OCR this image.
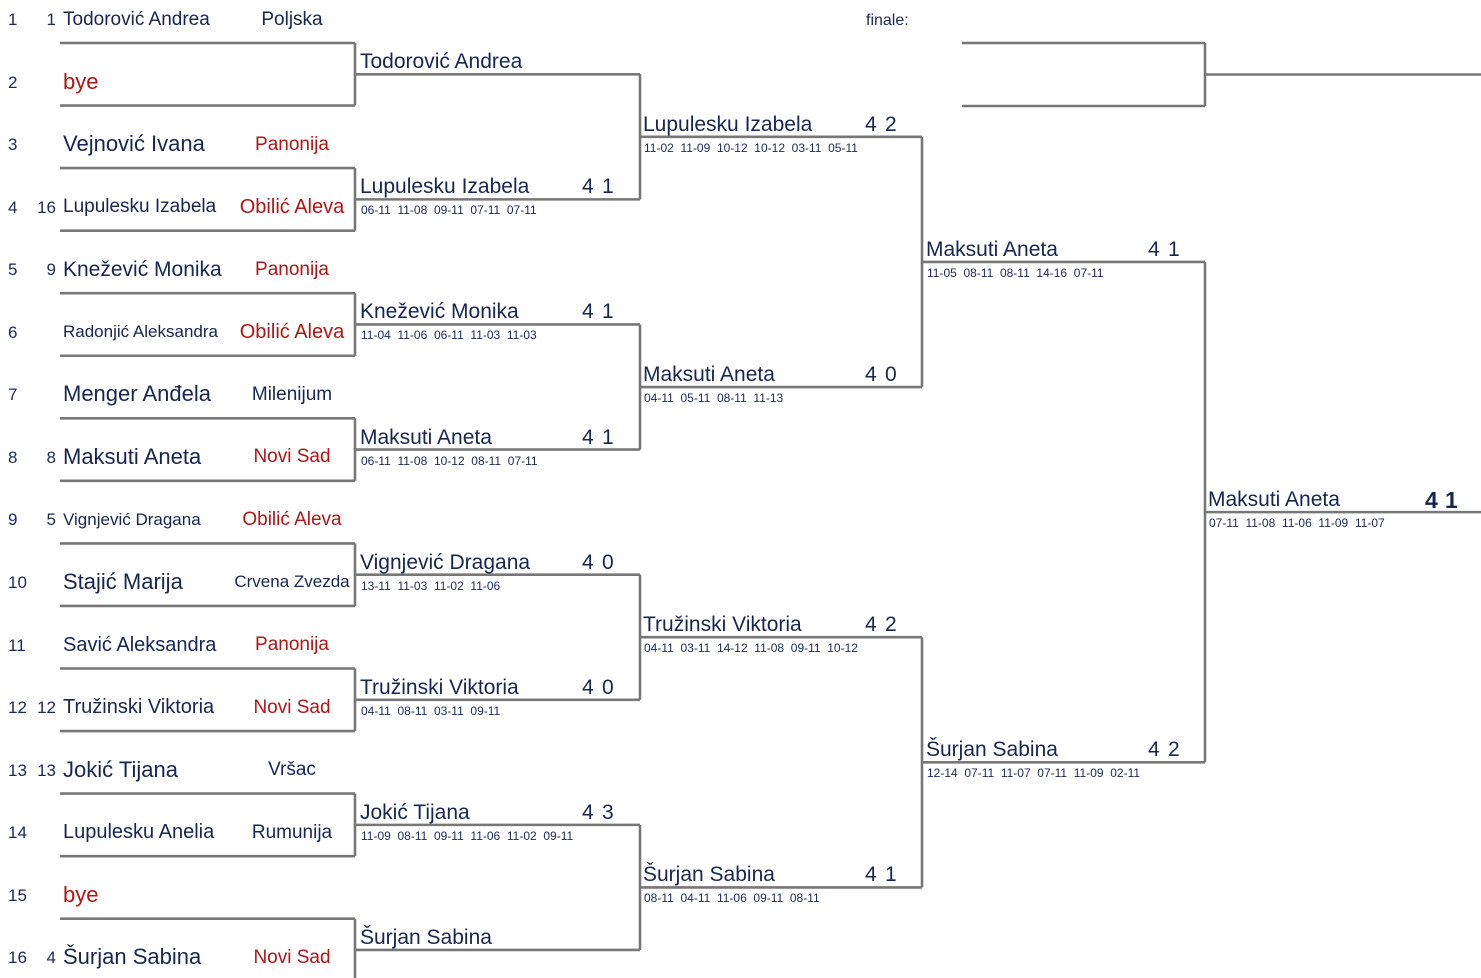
finale:
1 1 Todorović Andrea	Poljska
2 bye
3 Vejnović Ivana	Panonija
4 16 Lupulesku Izabela Obilić Aleva
5 9 Knežević Monika Panonija
6	Radonjić Aleksandra Obilić Aleva
7 Menger Anđela Milenijum
8 8 Maksuti Aneta	Novi Sad
9 5 Vignjević Dragana Obilić Aleva
10 Stajić Marija	Crvena Zvezda
11 Savić Aleksandra Panonija
12 12 Tružinski Viktoria Novi Sad
13 13 Jokić Tijana	Vršac
14 Lupulesku Anelia Rumunija
15 bye
16 4 Šurjan Sabina	Novi Sad
Todorović Andrea
Lupulesku Izabela	4 1
06-11  11-08  09-11  07-11  07-11
Knežević Monika	4 1
11-04  11-06  06-11  11-03  11-03
Maksuti Aneta	4 1
06-11  11-08  10-12  08-11  07-11
Vignjević Dragana 4 0
13-11  11-03  11-02  11-06
Tružinski Viktoria	4 0
04-11  08-11  03-11  09-11
Jokić Tijana	4 3
11-09  08-11  09-11  11-06  11-02  09-11
Šurjan Sabina
Lupulesku Izabela	4 2
11-02  11-09  10-12  10-12  03-11  05-11
Maksuti Aneta	4 0
04-11  05-11  08-11  11-13
Tružinski Viktoria	4 2
04-11  03-11  14-12  11-08  09-11  10-12
Šurjan Sabina	4 1
08-11  04-11  11-06  09-11  08-11
Maksuti Aneta	4 1
11-05  08-11  08-11  14-16  07-11
Šurjan Sabina	4 2
12-14  07-11  11-07  07-11  11-09  02-11
Maksuti Aneta	4 1
07-11  11-08  11-06  11-09  11-07
